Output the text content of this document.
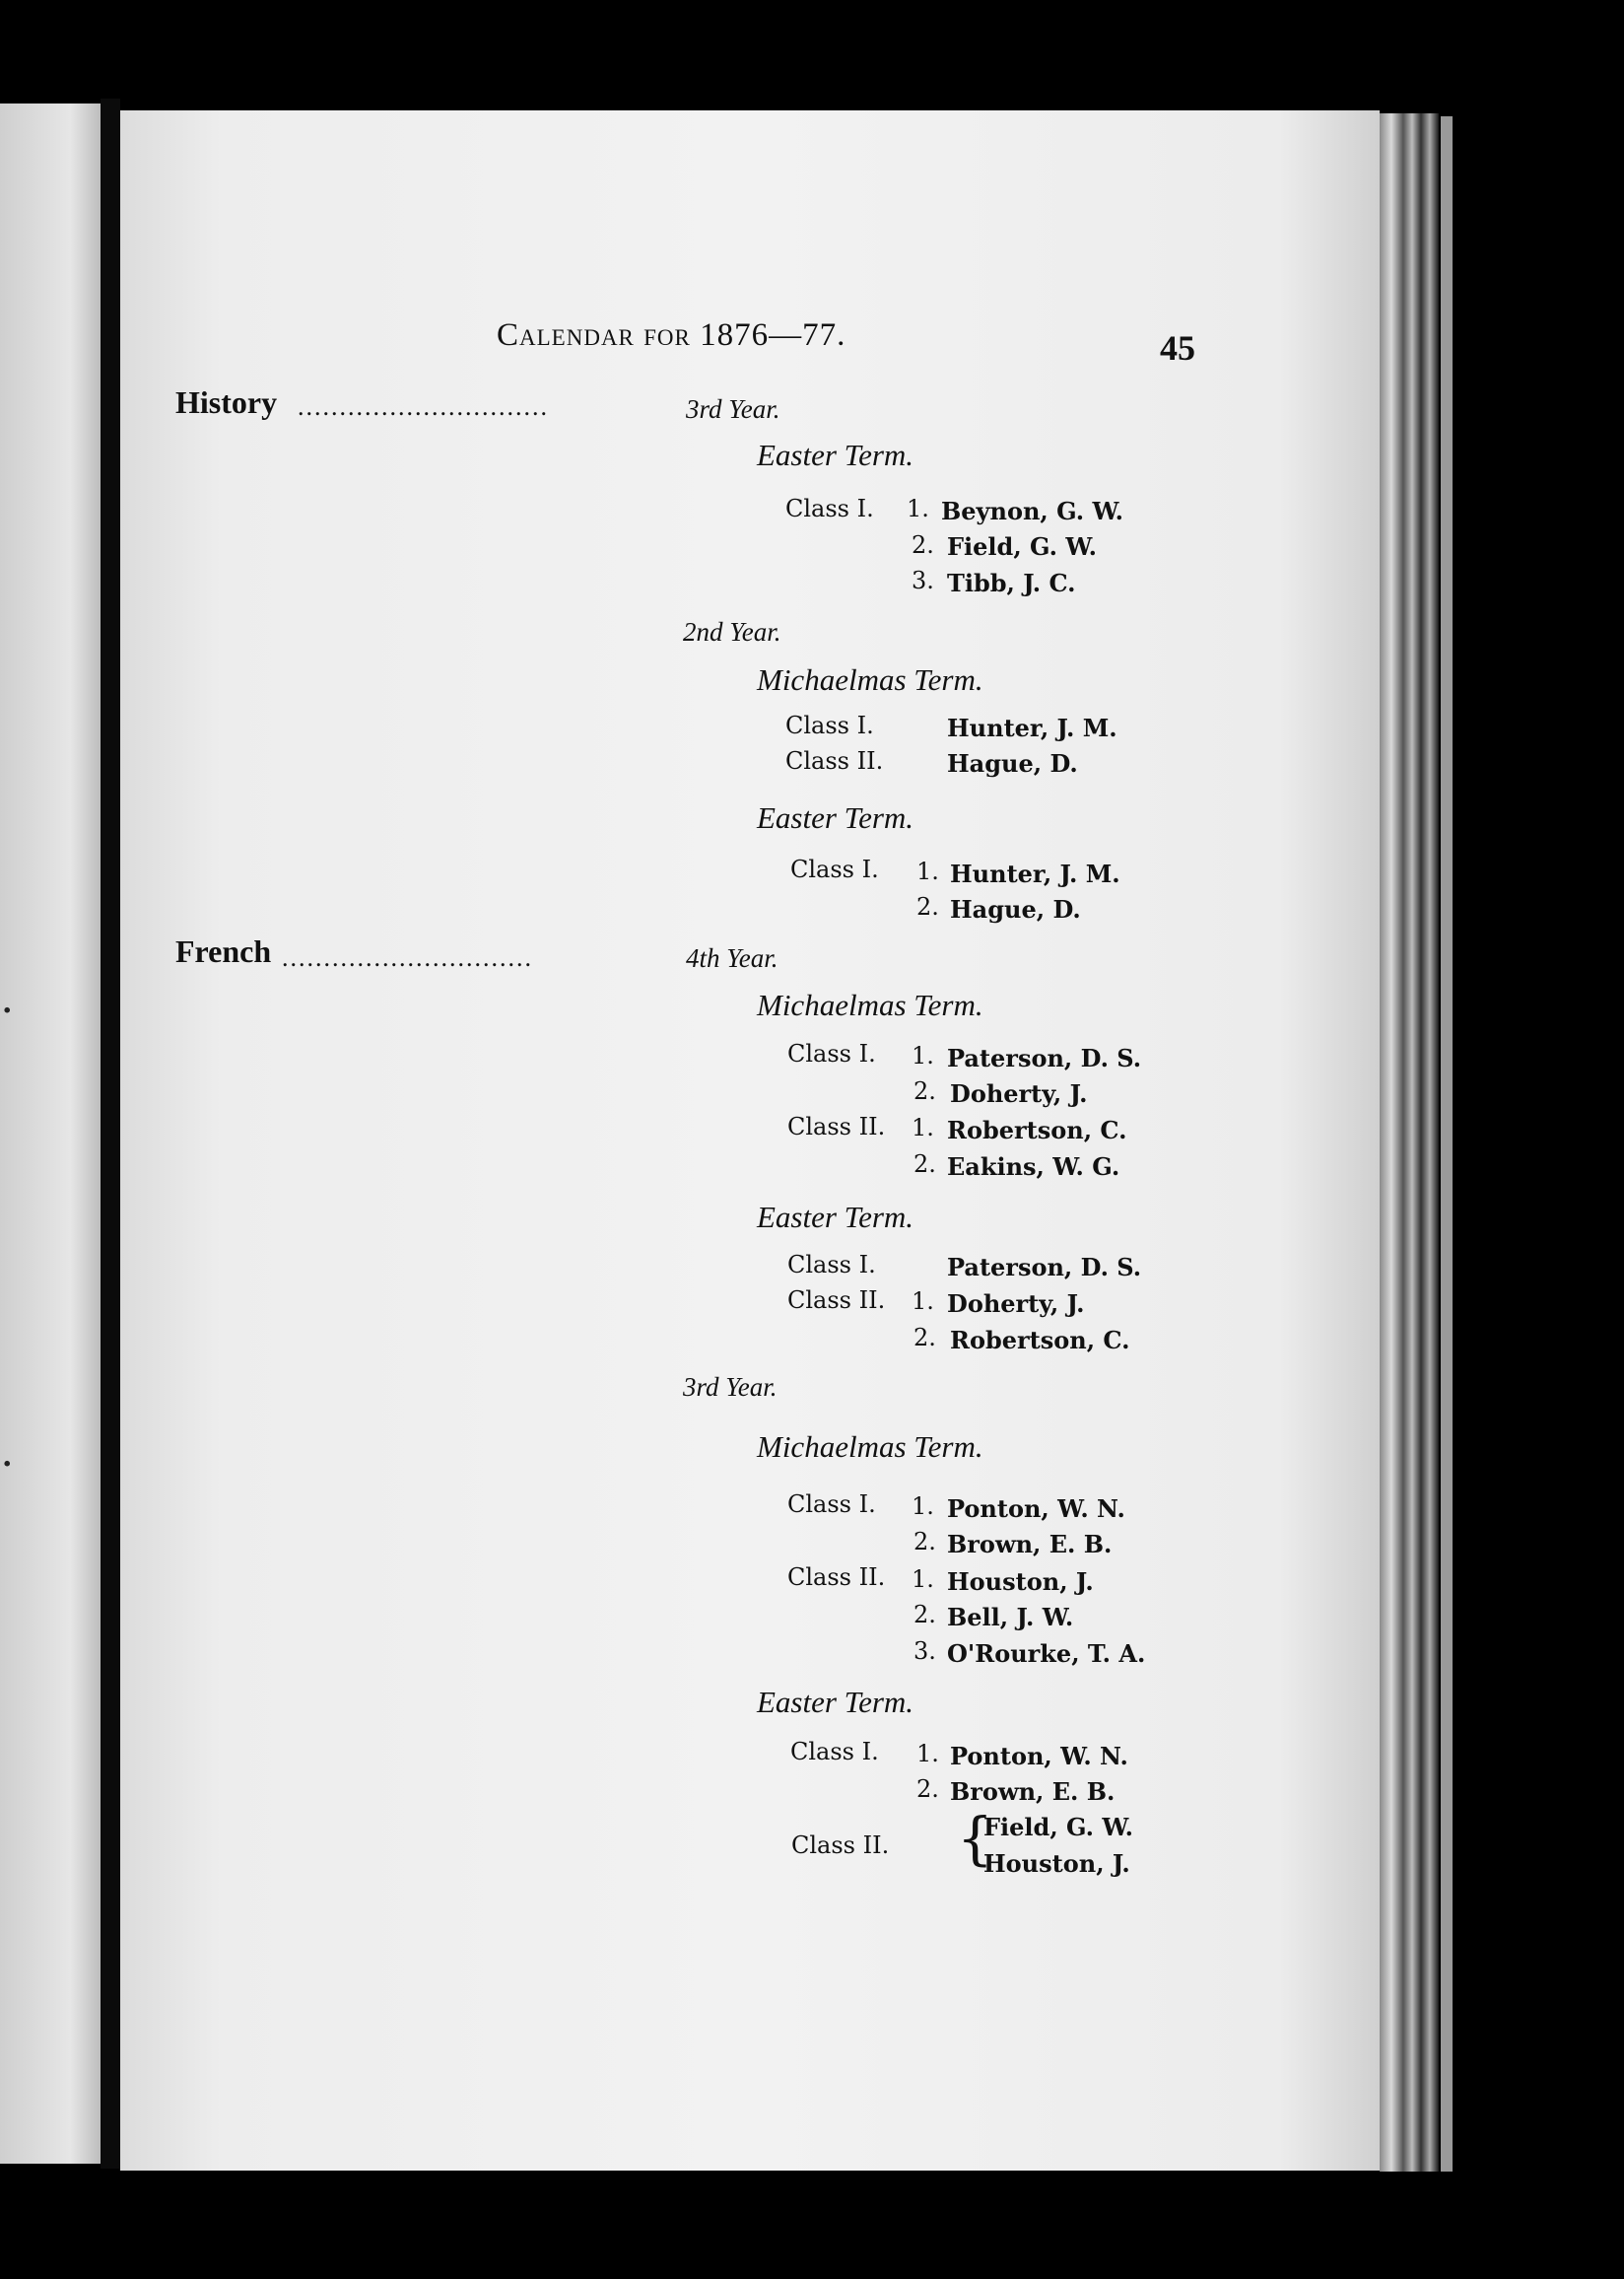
.
.
Calendar for 1876—77.	45
History ..............................	3rd Year.
Easter Term.
Class I. 1. Beynon, G. W.
2. Field, G. W.
3. Tibb, J. C.
2nd Year.
Michaelmas Term.
Class I.	Hunter, J. M.
Class II.	Hague, D.
Easter Term.
Class I. 1. Hunter, J. M.
2. Hague, D.
French ..............................	4th Year.
Michaelmas Term.
Class I. 1. Paterson, D. S.
2. Doherty, J.
Class II. 1. Robertson, C.
2. Eakins, W. G.
Easter Term.
Class I.	Paterson, D. S.
Class II. 1. Doherty, J.
2. Robertson, C.
3rd Year.
Michaelmas Term.
Class I. 1. Ponton, W. N.
2. Brown, E. B.
Class II. 1. Houston, J.
2. Bell, J. W.
3. O'Rourke, T. A.
Easter Term.
Class I. 1. Ponton, W. N.
2. Brown, E. B.
Class II. {
Field, G. W.
Houston, J.
